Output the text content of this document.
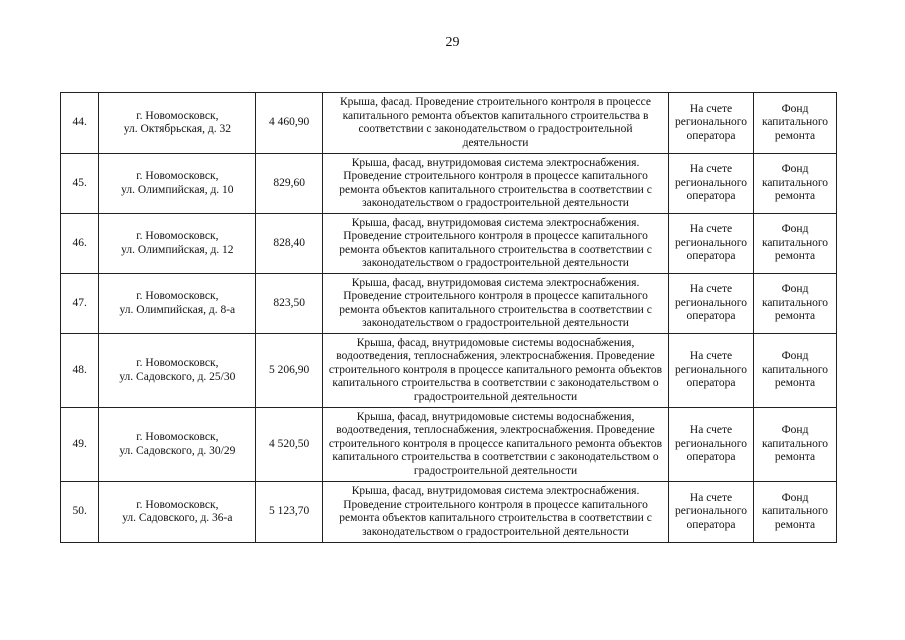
29
44.	г. Новомосковск,
ул. Октябрьская, д. 32	4 460,90	Крыша, фасад. Проведение строительного контроля в процессе капитального ремонта объектов капитального строительства в соответствии с законодательством о градостроительной деятельности	На счете регионального оператора	Фонд капитального ремонта
45.	г. Новомосковск,
ул. Олимпийская, д. 10	829,60	Крыша, фасад, внутридомовая система электроснабжения. Проведение строительного контроля в процессе капитального ремонта объектов капитального строительства в соответствии с законодательством о градостроительной деятельности	На счете регионального оператора	Фонд капитального ремонта
46.	г. Новомосковск,
ул. Олимпийская, д. 12	828,40	Крыша, фасад, внутридомовая система электроснабжения. Проведение строительного контроля в процессе капитального ремонта объектов капитального строительства в соответствии с законодательством о градостроительной деятельности	На счете регионального оператора	Фонд капитального ремонта
47.	г. Новомосковск,
ул. Олимпийская, д. 8-а	823,50	Крыша, фасад, внутридомовая система электроснабжения. Проведение строительного контроля в процессе капитального ремонта объектов капитального строительства в соответствии с законодательством о градостроительной деятельности	На счете регионального оператора	Фонд капитального ремонта
48.	г. Новомосковск,
ул. Садовского, д. 25/30	5 206,90	Крыша, фасад, внутридомовые системы водоснабжения, водоотведения, теплоснабжения, электроснабжения. Проведение строительного контроля в процессе капитального ремонта объектов капитального строительства в соответствии с законодательством о градостроительной деятельности	На счете регионального оператора	Фонд капитального ремонта
49.	г. Новомосковск,
ул. Садовского, д. 30/29	4 520,50	Крыша, фасад, внутридомовые системы водоснабжения, водоотведения, теплоснабжения, электроснабжения. Проведение строительного контроля в процессе капитального ремонта объектов капитального строительства в соответствии с законодательством о градостроительной деятельности	На счете регионального оператора	Фонд капитального ремонта
50.	г. Новомосковск,
ул. Садовского, д. 36-а	5 123,70	Крыша, фасад, внутридомовая система электроснабжения. Проведение строительного контроля в процессе капитального ремонта объектов капитального строительства в соответствии с законодательством о градостроительной деятельности	На счете регионального оператора	Фонд капитального ремонта
